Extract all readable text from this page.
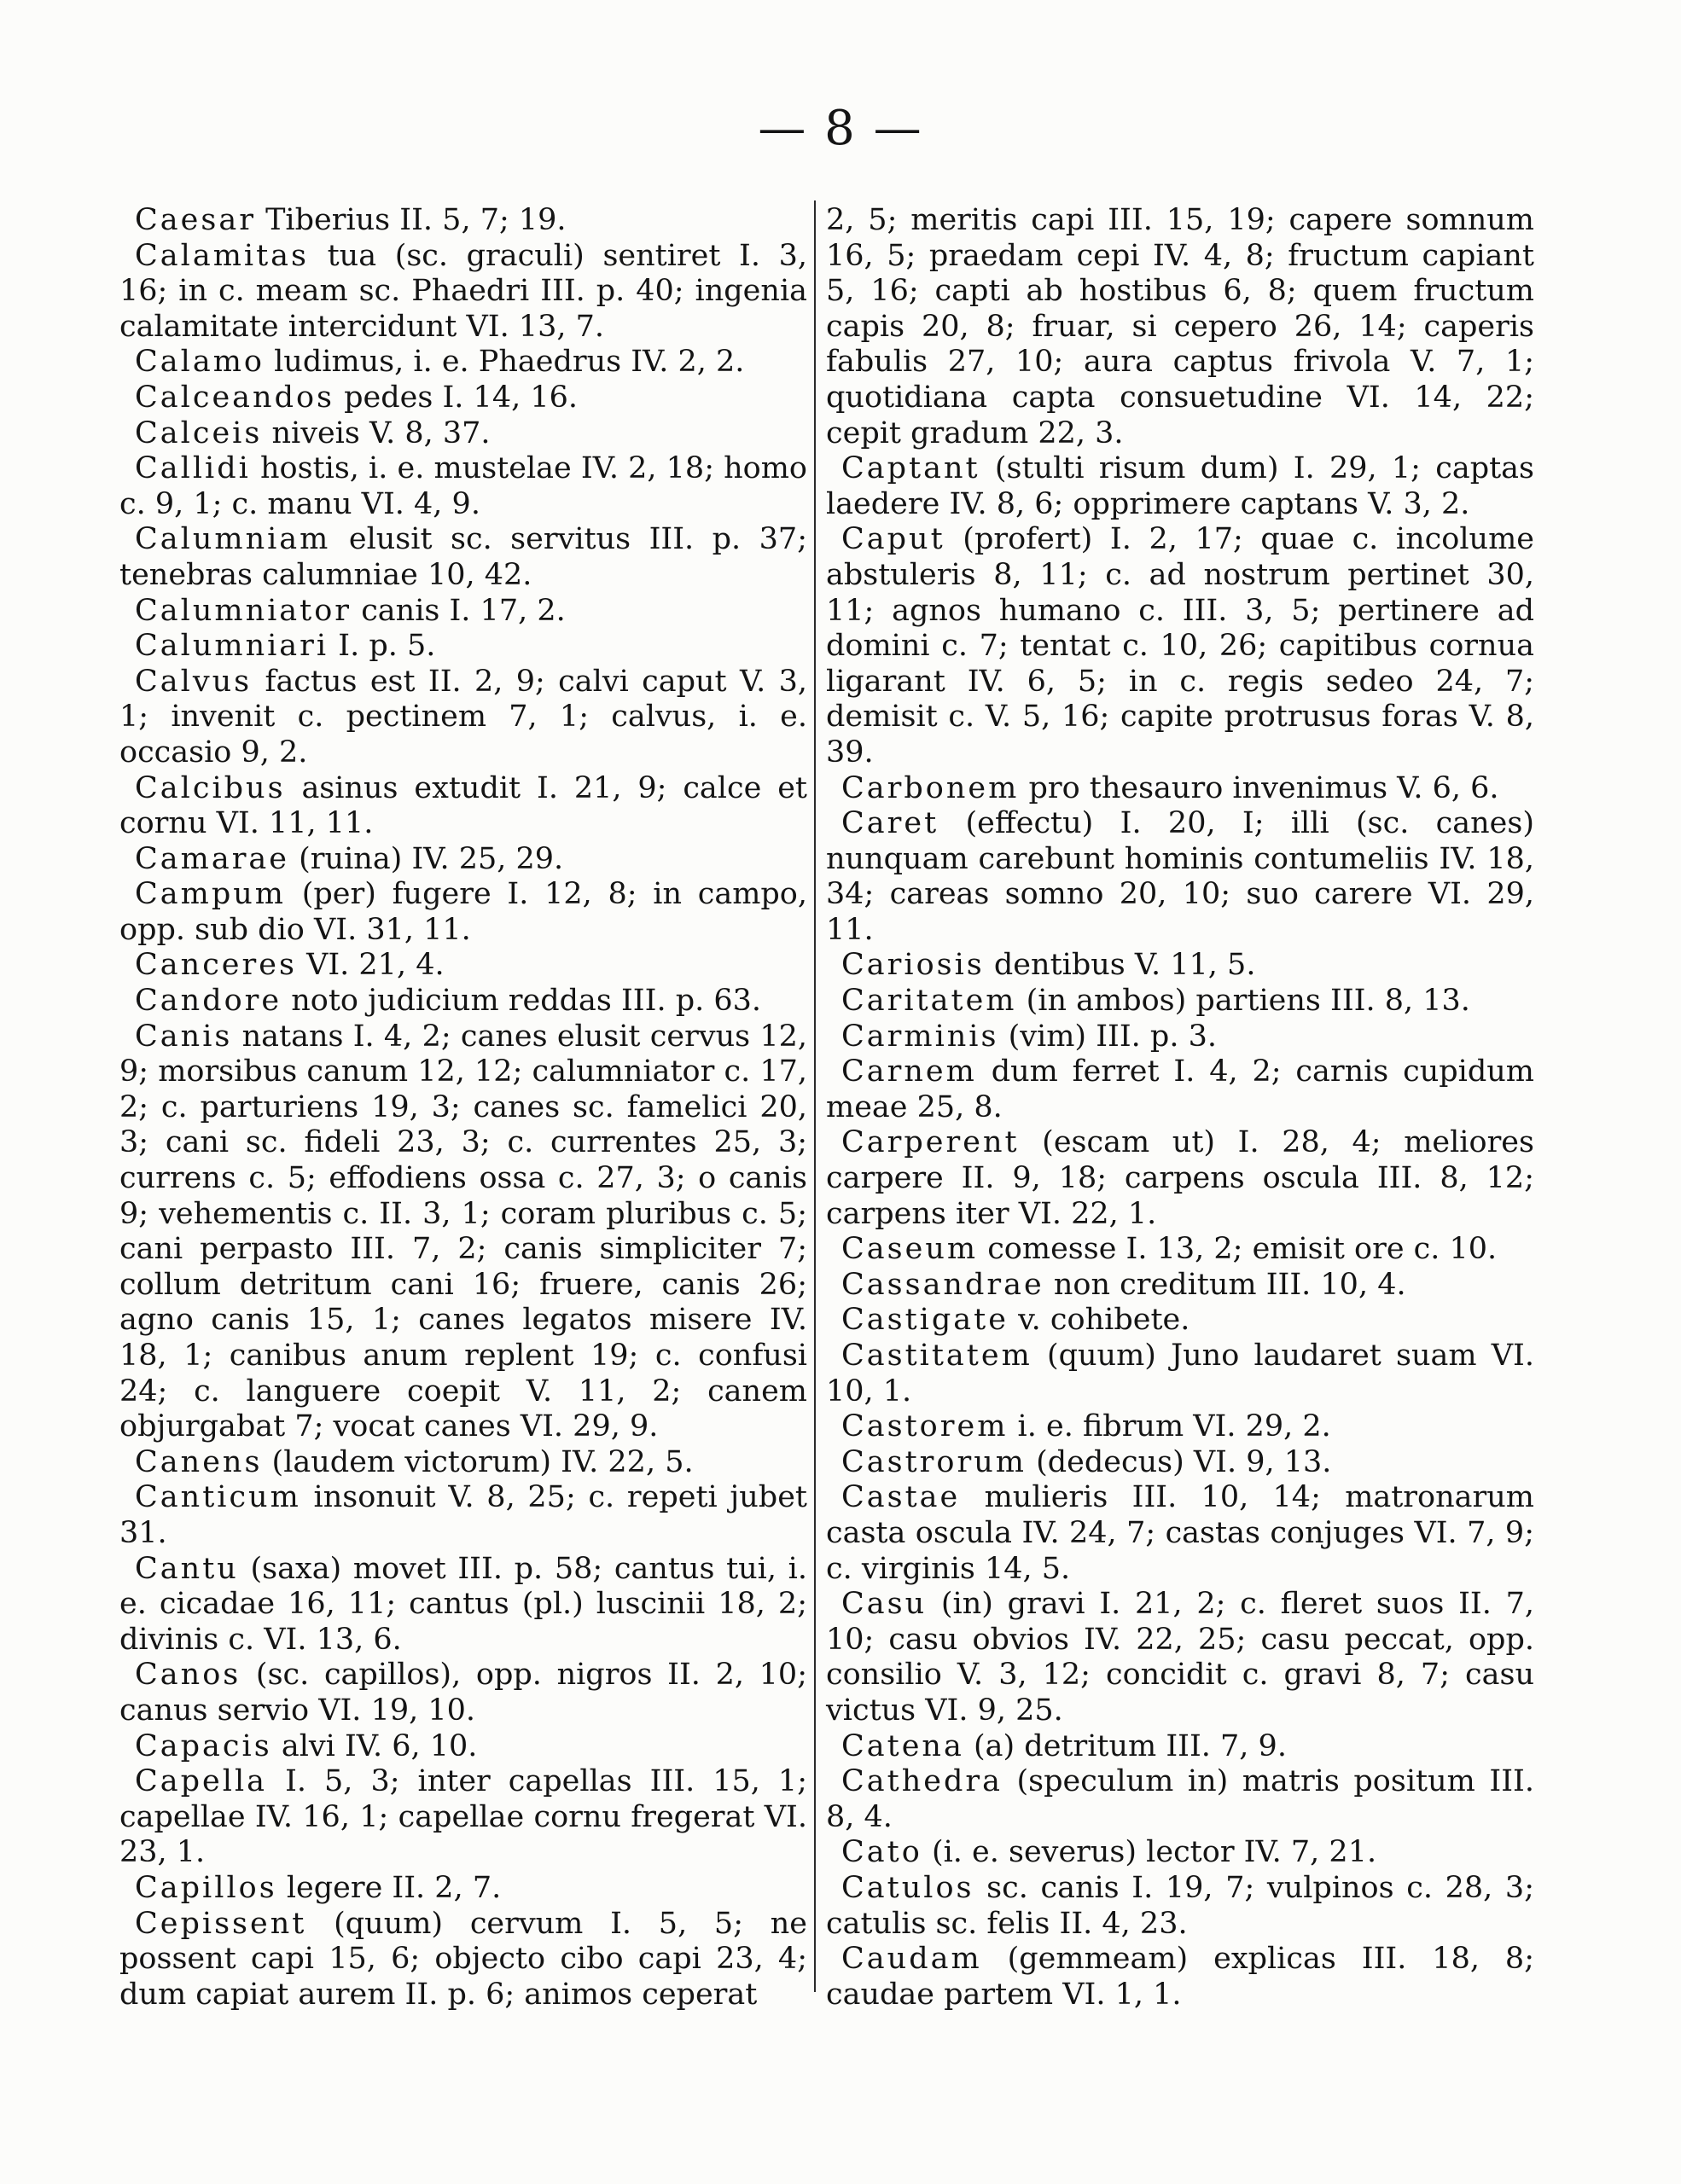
— 8 —

Caesar Tiberius II. 5, 7; 19.

Calamitas tua (sc. graculi) sentiret I. 3, 16; in c. meam sc. Phaedri III. p. 40; ingenia calamitate intercidunt VI. 13, 7.

Calamo ludimus, i. e. Phaedrus IV. 2, 2.

Calceandos pedes I. 14, 16.

Calceis niveis V. 8, 37.

Callidi hostis, i. e. mustelae IV. 2, 18; homo c. 9, 1; c. manu VI. 4, 9.

Calumniam elusit sc. servitus III. p. 37; tenebras calumniae 10, 42.

Calumniator canis I. 17, 2.

Calumniari I. p. 5.

Calvus factus est II. 2, 9; calvi caput V. 3, 1; invenit c. pectinem 7, 1; calvus, i. e. occasio 9, 2.

Calcibus asinus extudit I. 21, 9; calce et cornu VI. 11, 11.

Camarae (ruina) IV. 25, 29.

Campum (per) fugere I. 12, 8; in campo, opp. sub dio VI. 31, 11.

Canceres VI. 21, 4.

Candore noto judicium reddas III. p. 63.

Canis natans I. 4, 2; canes elusit cervus 12, 9; morsibus canum 12, 12; calumniator c. 17, 2; c. parturiens 19, 3; canes sc. famelici 20, 3; cani sc. fideli 23, 3; c. currentes 25, 3; currens c. 5; effodiens ossa c. 27, 3; o canis 9; vehementis c. II. 3, 1; coram pluribus c. 5; cani perpasto III. 7, 2; canis simpliciter 7; collum detritum cani 16; fruere, canis 26; agno canis 15, 1; canes legatos misere IV. 18, 1; canibus anum replent 19; c. confusi 24; c. languere coepit V. 11, 2; canem objurgabat 7; vocat canes VI. 29, 9.

Canens (laudem victorum) IV. 22, 5.

Canticum insonuit V. 8, 25; c. repeti jubet 31.

Cantu (saxa) movet III. p. 58; cantus tui, i. e. cicadae 16, 11; cantus (pl.) luscinii 18, 2; divinis c. VI. 13, 6.

Canos (sc. capillos), opp. nigros II. 2, 10; canus servio VI. 19, 10.

Capacis alvi IV. 6, 10.

Capella I. 5, 3; inter capellas III. 15, 1; capellae IV. 16, 1; capellae cornu fregerat VI. 23, 1.

Capillos legere II. 2, 7.

Cepissent (quum) cervum I. 5, 5; ne possent capi 15, 6; objecto cibo capi 23, 4; dum capiat aurem II. p. 6; animos ceperat

2, 5; meritis capi III. 15, 19; capere somnum 16, 5; praedam cepi IV. 4, 8; fructum capiant 5, 16; capti ab hostibus 6, 8; quem fructum capis 20, 8; fruar, si cepero 26, 14; caperis fabulis 27, 10; aura captus frivola V. 7, 1; quotidiana capta consuetudine VI. 14, 22; cepit gradum 22, 3.

Captant (stulti risum dum) I. 29, 1; captas laedere IV. 8, 6; opprimere captans V. 3, 2.

Caput (profert) I. 2, 17; quae c. incolume abstuleris 8, 11; c. ad nostrum pertinet 30, 11; agnos humano c. III. 3, 5; pertinere ad domini c. 7; tentat c. 10, 26; capitibus cornua ligarant IV. 6, 5; in c. regis sedeo 24, 7; demisit c. V. 5, 16; capite protrusus foras V. 8, 39.

Carbonem pro thesauro invenimus V. 6, 6.

Caret (effectu) I. 20, I; illi (sc. canes) nunquam carebunt hominis contumeliis IV. 18, 34; careas somno 20, 10; suo carere VI. 29, 11.

Cariosis dentibus V. 11, 5.

Caritatem (in ambos) partiens III. 8, 13.

Carminis (vim) III. p. 3.

Carnem dum ferret I. 4, 2; carnis cupidum meae 25, 8.

Carperent (escam ut) I. 28, 4; meliores carpere II. 9, 18; carpens oscula III. 8, 12; carpens iter VI. 22, 1.

Caseum comesse I. 13, 2; emisit ore c. 10.

Cassandrae non creditum III. 10, 4.

Castigate v. cohibete.

Castitatem (quum) Juno laudaret suam VI. 10, 1.

Castorem i. e. fibrum VI. 29, 2.

Castrorum (dedecus) VI. 9, 13.

Castae mulieris III. 10, 14; matronarum casta oscula IV. 24, 7; castas conjuges VI. 7, 9; c. virginis 14, 5.

Casu (in) gravi I. 21, 2; c. fleret suos II. 7, 10; casu obvios IV. 22, 25; casu peccat, opp. consilio V. 3, 12; concidit c. gravi 8, 7; casu victus VI. 9, 25.

Catena (a) detritum III. 7, 9.

Cathedra (speculum in) matris positum III. 8, 4.

Cato (i. e. severus) lector IV. 7, 21.

Catulos sc. canis I. 19, 7; vulpinos c. 28, 3; catulis sc. felis II. 4, 23.

Caudam (gemmeam) explicas III. 18, 8; caudae partem VI. 1, 1.
